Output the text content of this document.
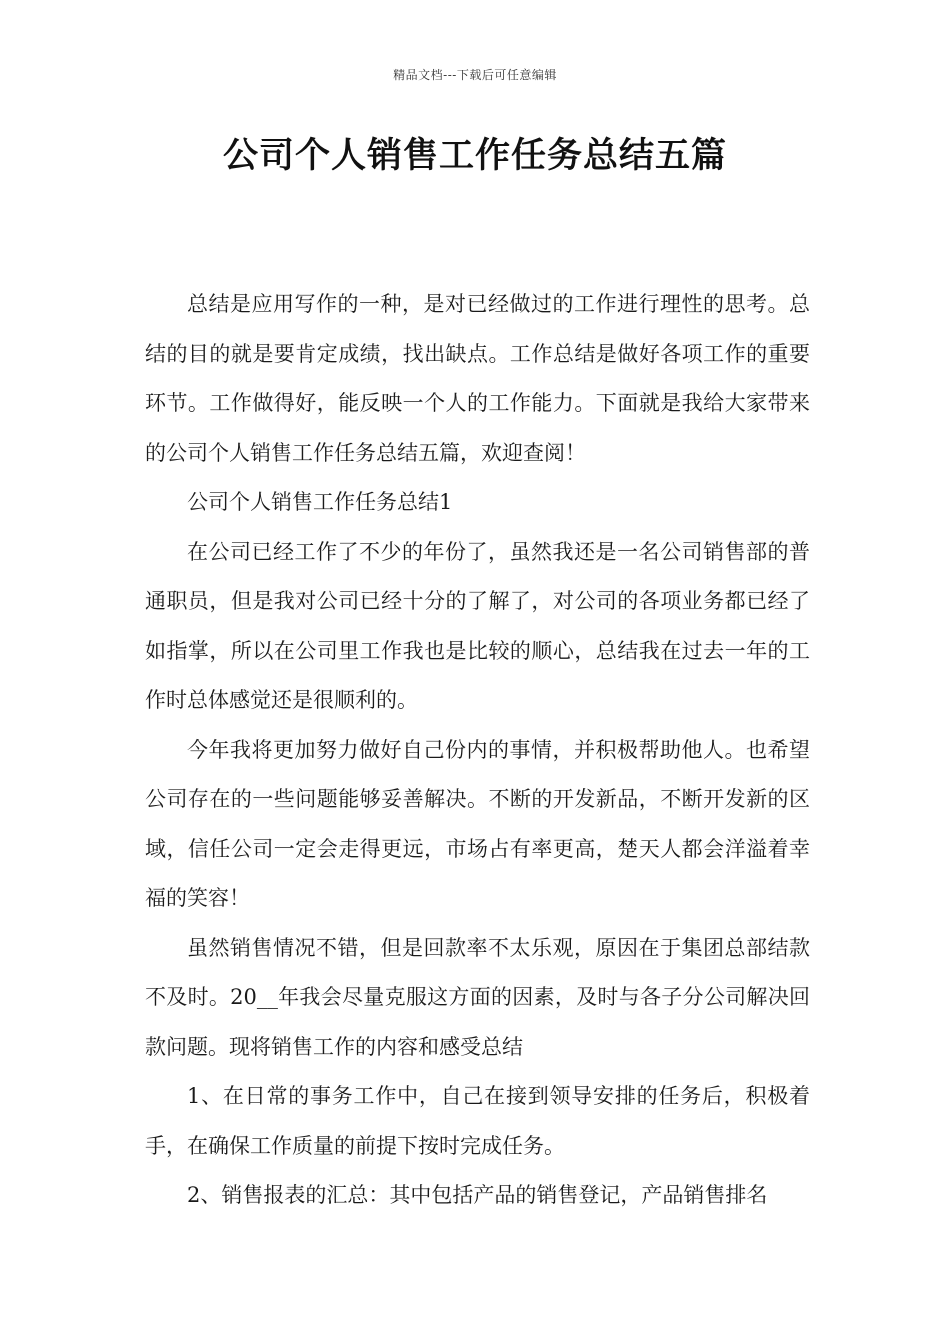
精品文档---下载后可任意编辑
公司个人销售工作任务总结五篇

总结是应用写作的一种，是对已经做过的工作进行理性的思考。总结的目的就是要肯定成绩，找出缺点。工作总结是做好各项工作的重要环节。工作做得好，能反映一个人的工作能力。下面就是我给大家带来的公司个人销售工作任务总结五篇，欢迎查阅！

公司个人销售工作任务总结1

在公司已经工作了不少的年份了，虽然我还是一名公司销售部的普通职员，但是我对公司已经十分的了解了，对公司的各项业务都已经了如指掌，所以在公司里工作我也是比较的顺心，总结我在过去一年的工作时总体感觉还是很顺利的。

今年我将更加努力做好自己份内的事情，并积极帮助他人。也希望公司存在的一些问题能够妥善解决。不断的开发新品，不断开发新的区域，信任公司一定会走得更远，市场占有率更高，楚天人都会洋溢着幸福的笑容！

虽然销售情况不错，但是回款率不太乐观，原因在于集团总部结款不及时。20__年我会尽量克服这方面的因素，及时与各子分公司解决回款问题。现将销售工作的内容和感受总结

1、在日常的事务工作中，自己在接到领导安排的任务后，积极着手，在确保工作质量的前提下按时完成任务。

2、销售报表的汇总：其中包括产品的销售登记，产品销售排名
